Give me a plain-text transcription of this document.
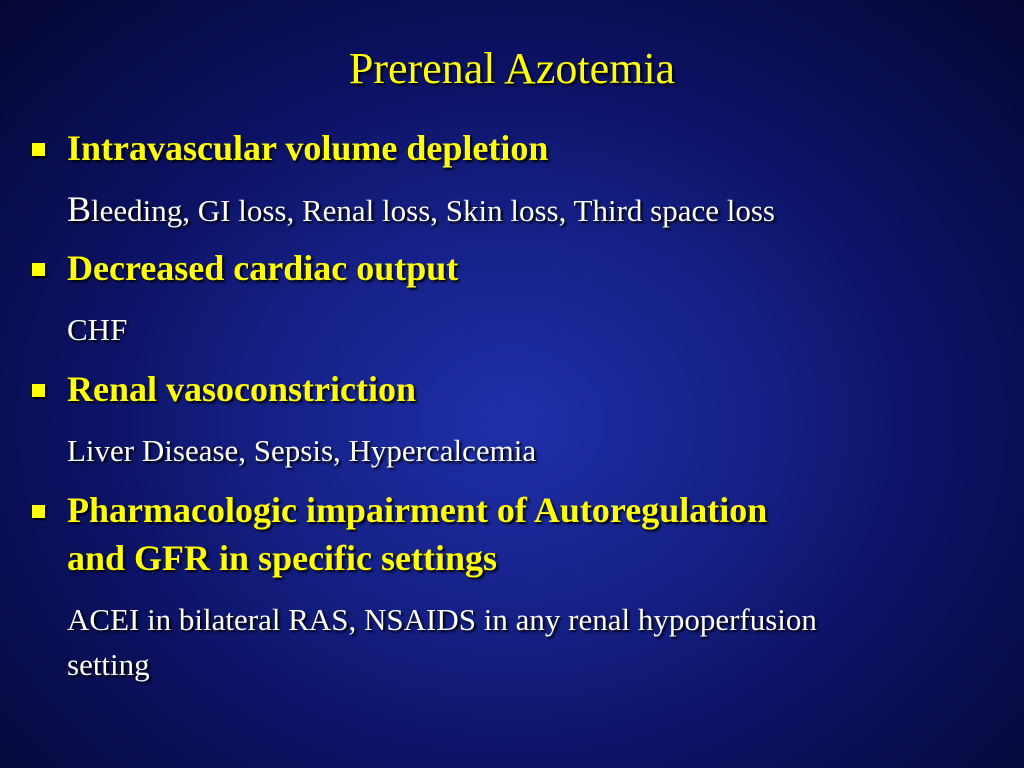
Prerenal Azotemia
Intravascular volume depletion
Bleeding, GI loss, Renal loss, Skin loss, Third space loss
Decreased cardiac output
CHF
Renal vasoconstriction
Liver Disease, Sepsis, Hypercalcemia
Pharmacologic impairment of Autoregulation
and GFR in specific settings
ACEI in bilateral RAS, NSAIDS in any renal hypoperfusion
setting
